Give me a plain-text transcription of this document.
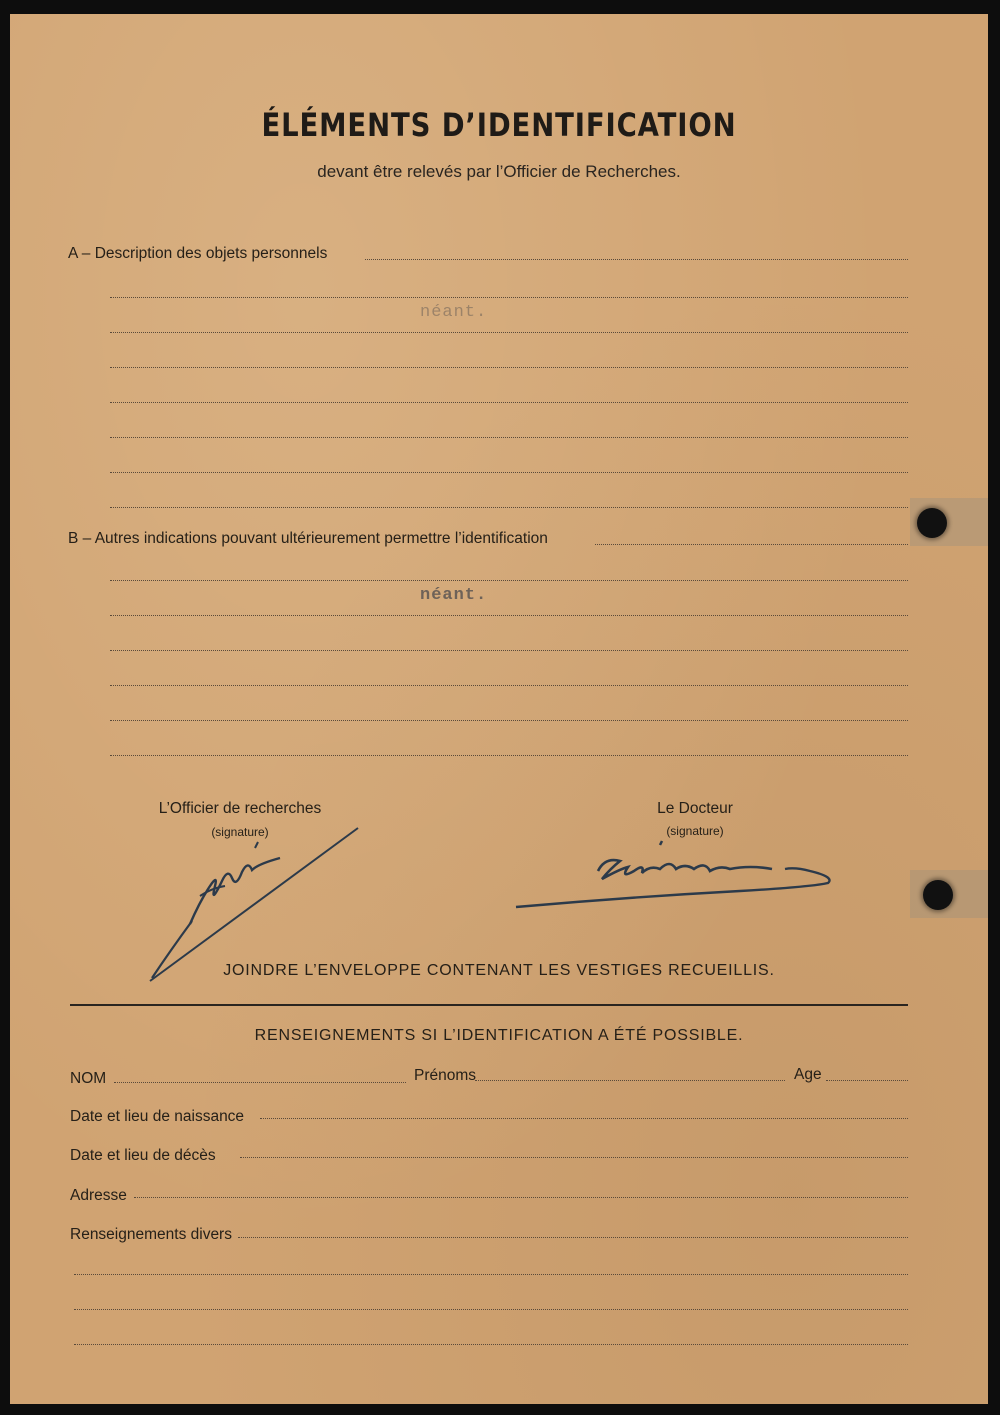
ÉLÉMENTS D’IDENTIFICATION
devant être relevés par l’Officier de Recherches.
A – Description des objets personnels
néant.
B – Autres indications pouvant ultérieurement permettre l’identification
néant.
L’Officier de recherches
(signature)
Le Docteur
(signature)
JOINDRE L’ENVELOPPE CONTENANT LES VESTIGES RECUEILLIS.
RENSEIGNEMENTS SI L’IDENTIFICATION A ÉTÉ POSSIBLE.
NOM	Prénoms	Age
Date et lieu de naissance
Date et lieu de décès
Adresse
Renseignements divers
